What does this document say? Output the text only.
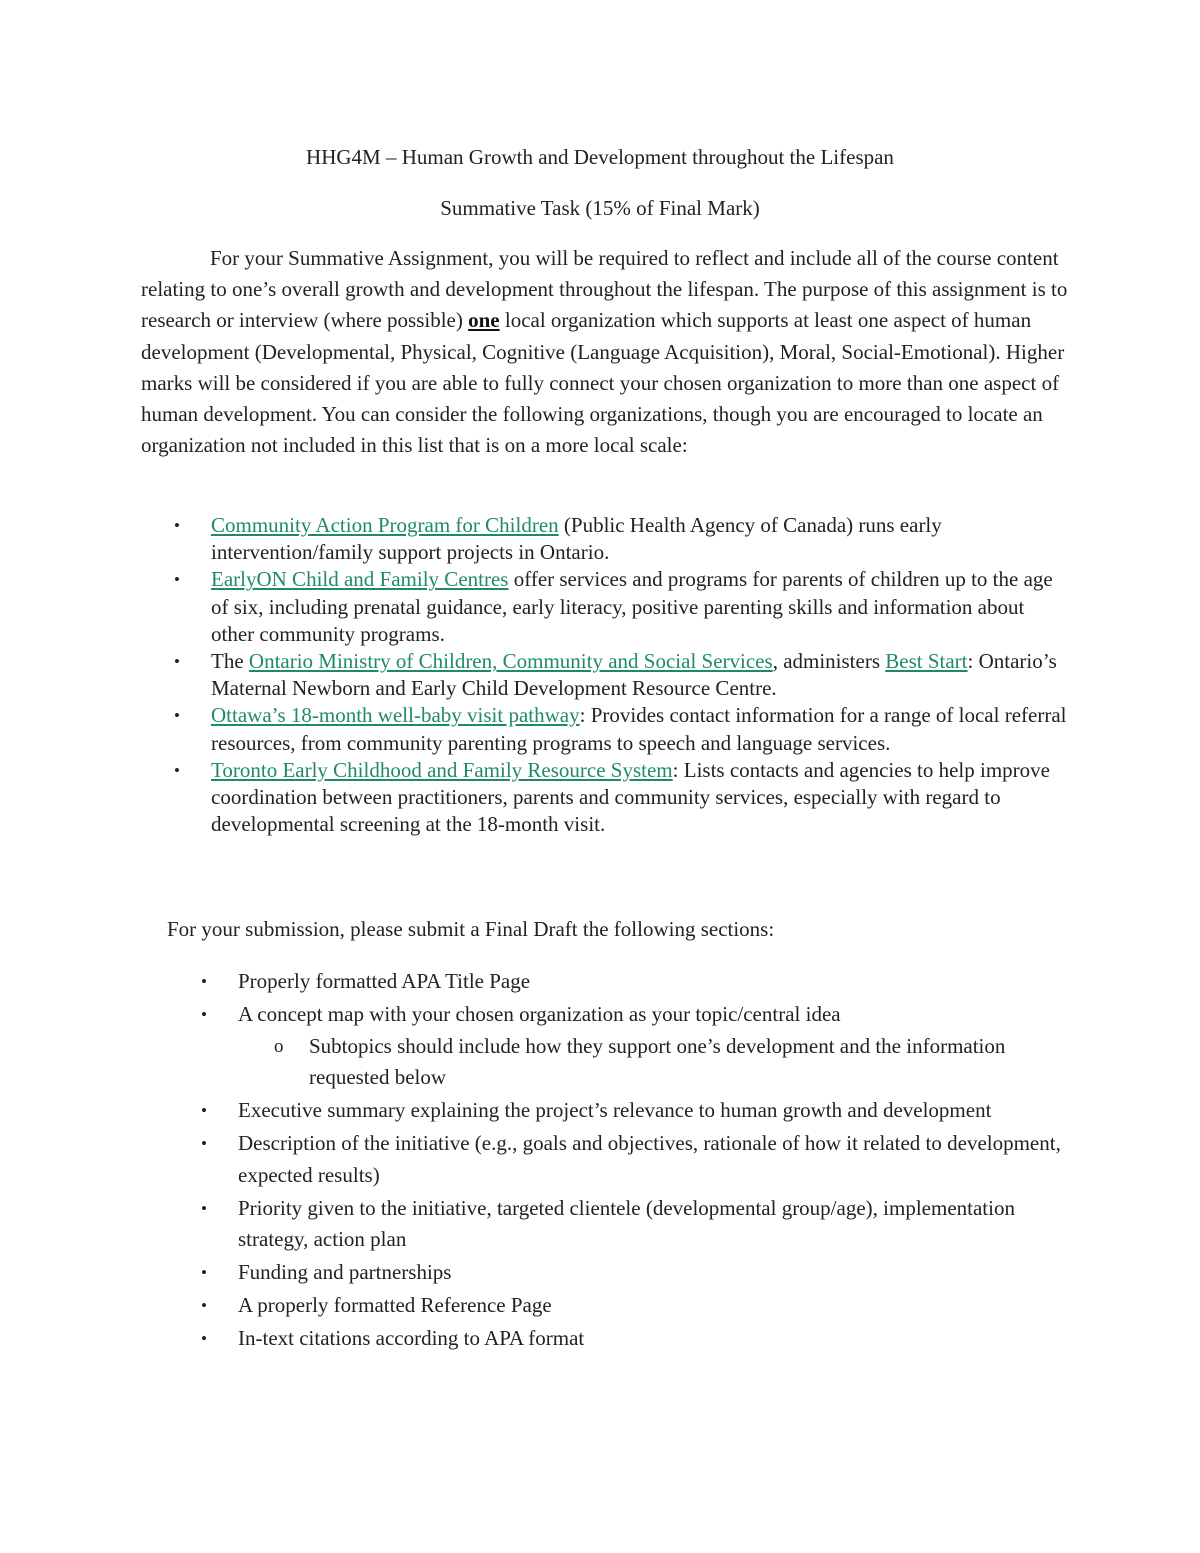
HHG4M – Human Growth and Development throughout the Lifespan
Summative Task (15% of Final Mark)

For your Summative Assignment, you will be required to reflect and include all of the course content relating to one’s overall growth and development throughout the lifespan. The purpose of this assignment is to research or interview (where possible) one local organization which supports at least one aspect of human development (Developmental, Physical, Cognitive (Language Acquisition), Moral, Social-Emotional). Higher marks will be considered if you are able to fully connect your chosen organization to more than one aspect of human development. You can consider the following organizations, though you are encouraged to locate an organization not included in this list that is on a more local scale:

• Community Action Program for Children (Public Health Agency of Canada) runs early intervention/family support projects in Ontario.
• EarlyON Child and Family Centres offer services and programs for parents of children up to the age of six, including prenatal guidance, early literacy, positive parenting skills and information about other community programs.
• The Ontario Ministry of Children, Community and Social Services, administers Best Start: Ontario’s Maternal Newborn and Early Child Development Resource Centre.
• Ottawa’s 18-month well-baby visit pathway: Provides contact information for a range of local referral resources, from community parenting programs to speech and language services.
• Toronto Early Childhood and Family Resource System: Lists contacts and agencies to help improve coordination between practitioners, parents and community services, especially with regard to developmental screening at the 18-month visit.

For your submission, please submit a Final Draft the following sections:

• Properly formatted APA Title Page
• A concept map with your chosen organization as your topic/central idea
o Subtopics should include how they support one’s development and the information requested below
• Executive summary explaining the project’s relevance to human growth and development
• Description of the initiative (e.g., goals and objectives, rationale of how it related to development, expected results)
• Priority given to the initiative, targeted clientele (developmental group/age), implementation strategy, action plan
• Funding and partnerships
• A properly formatted Reference Page
• In-text citations according to APA format
